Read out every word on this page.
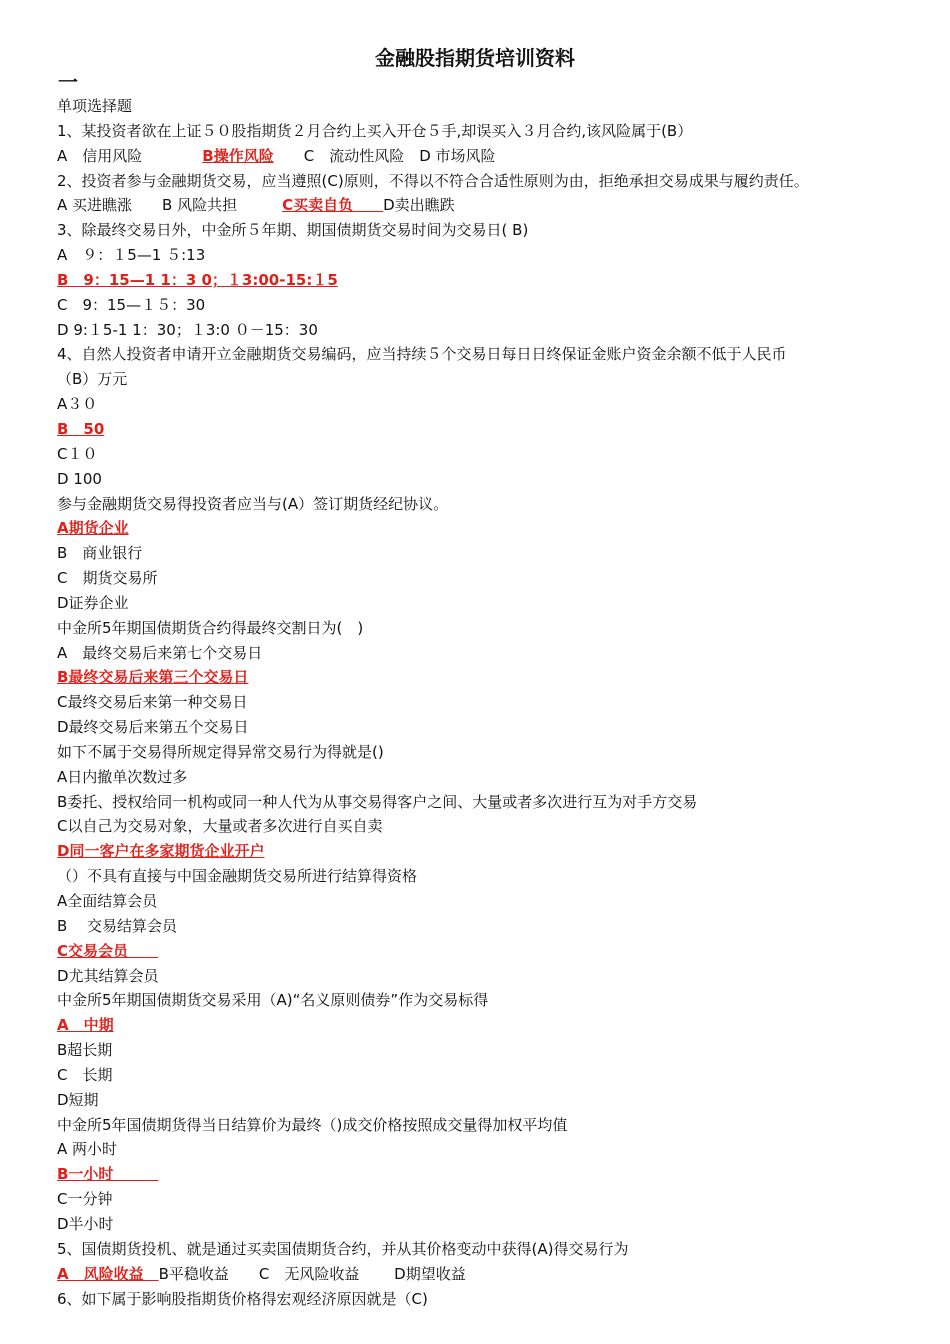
金融股指期货培训资料
一
单项选择题
1、某投资者欲在上证５０股指期货２月合约上买入开仓５手,却误买入３月合约,该风险属于(B）
A　信用风险　　　　	B操作风险　　C　流动性风险　D 市场风险
2、投资者参与金融期货交易，应当遵照(C)原则，不得以不符合合适性原则为由，拒绝承担交易成果与履约责任。
A 买进瞧涨　　B 风险共担　　　C买卖自负　　D卖出瞧跌
3、除最终交易日外，中金所５年期、期国债期货交易时间为交易日( B)
A　９：１5—1 ５:13
B　9：15—1 1：3 0；１3:00-15:１5
C　9：15—１５：30
D 9:１5-1 1：30；１3:0 ０－15：30
4、自然人投资者申请开立金融期货交易编码，应当持续５个交易日每日日终保证金账户资金余额不低于人民币
（B）万元
A３０
B　50
C１０
D 100
参与金融期货交易得投资者应当与(A）签订期货经纪协议。
A期货企业
B　商业银行
C　期货交易所
D证券企业
中金所5年期国债期货合约得最终交割日为(　)
A　最终交易后来第七个交易日
B最终交易后来第三个交易日
C最终交易后来第一种交易日
D最终交易后来第五个交易日
如下不属于交易得所规定得异常交易行为得就是()
A日内撤单次数过多
B委托、授权给同一机构或同一种人代为从事交易得客户之间、大量或者多次进行互为对手方交易
C以自己为交易对象，大量或者多次进行自买自卖
D同一客户在多家期货企业开户
（）不具有直接与中国金融期货交易所进行结算得资格
A全面结算会员
B　 交易结算会员
C交易会员　　
D尤其结算会员
中金所5年期国债期货交易采用（A)“名义原则债券”作为交易标得
A　中期
B超长期
C　长期
D短期
中金所5年国债期货得当日结算价为最终（)成交价格按照成交量得加权平均值
A 两小时
B一小时　　　
C一分钟
D半小时
5、国债期货投机、就是通过买卖国债期货合约，并从其价格变动中获得(A)得交易行为
A　风险收益　B平稳收益　　C　无风险收益　　 D期望收益
6、如下属于影响股指期货价格得宏观经济原因就是（C)
